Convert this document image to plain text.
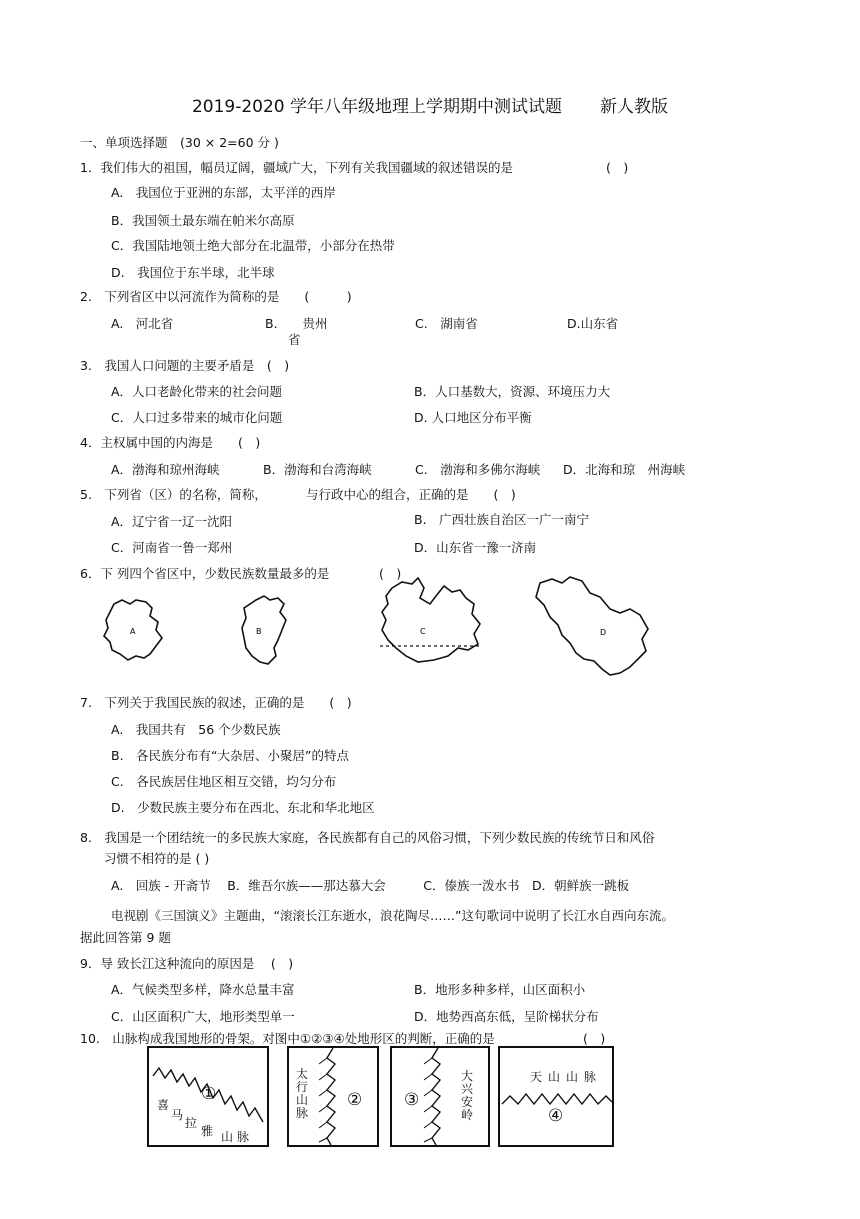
2019-2020 学年八年级地理上学期期中测试试题 新人教版
一、单项选择题　(30 × 2=60 分 )
1．我们伟大的祖国，幅员辽阔，疆域广大，下列有关我国疆域的叙述错误的是	(　)
A.　我国位于亚洲的东部，太平洋的西岸
B．我国领土最东端在帕米尔高原
C．我国陆地领土绝大部分在北温带，小部分在热带
D.　我国位于东半球，北半球
2.　下列省区中以河流作为简称的是　　(　　　)
A.　河北省	B.　　贵州
省
C.　湖南省	D.山东省
3.　我国人口问题的主要矛盾是　(　)
A．人口老龄化带来的社会问题	B．人口基数大，资源、环境压力大
C．人口过多带来的城市化问题	D. 人口地区分布平衡
4．主权属中国的内海是　　(　)
A．渤海和琼州海峡	B．渤海和台湾海峡	C.　渤海和多佛尔海峡 D．北海和琼　州海峡
5.　下列省（区）的名称，简称，	与行政中心的组合，正确的是　　(　)
A．辽宁省一辽一沈阳	B.　广西壮族自治区一广一南宁
C．河南省一鲁一郑州	D．山东省一豫一济南
6．下 列四个省区中，少数民族数量最多的是	(　)
A	B	C	D
7.　下列关于我国民族的叙述，正确的是　　(　)
A.　我国共有　56 个少数民族
B.　各民族分布有“大杂居、小聚居”的特点
C.　各民族居住地区相互交错，均匀分布
D.　少数民族主要分布在西北、东北和华北地区
8.　我国是一个团结统一的多民族大家庭，各民族都有自己的风俗习惯，下列少数民族的传统节日和风俗
习惯不相符的是 ( )
A.　回族 - 开斋节　 B．维吾尔族——那达慕大会　　　C．傣族一泼水书　D．朝鲜族一跳板
电视剧《三国演义》主题曲，“滚滚长江东逝水，浪花陶尽……”这句歌词中说明了长江水自西向东流。
据此回答第 9 题
9．导 致长江这种流向的原因是　 (　)
A．气候类型多样，降水总量丰富	B．地形多种多样，山区面积小
C．山区面积广大，地形类型单一	D．地势西高东低，呈阶梯状分布
10.　山脉构成我国地形的骨架。对图中①②③④处地形区的判断，正确的是	(　)
①
喜
马
拉
雅 山 脉
太
行
山
脉
② ③
大
兴
安
岭
天山山脉
④
